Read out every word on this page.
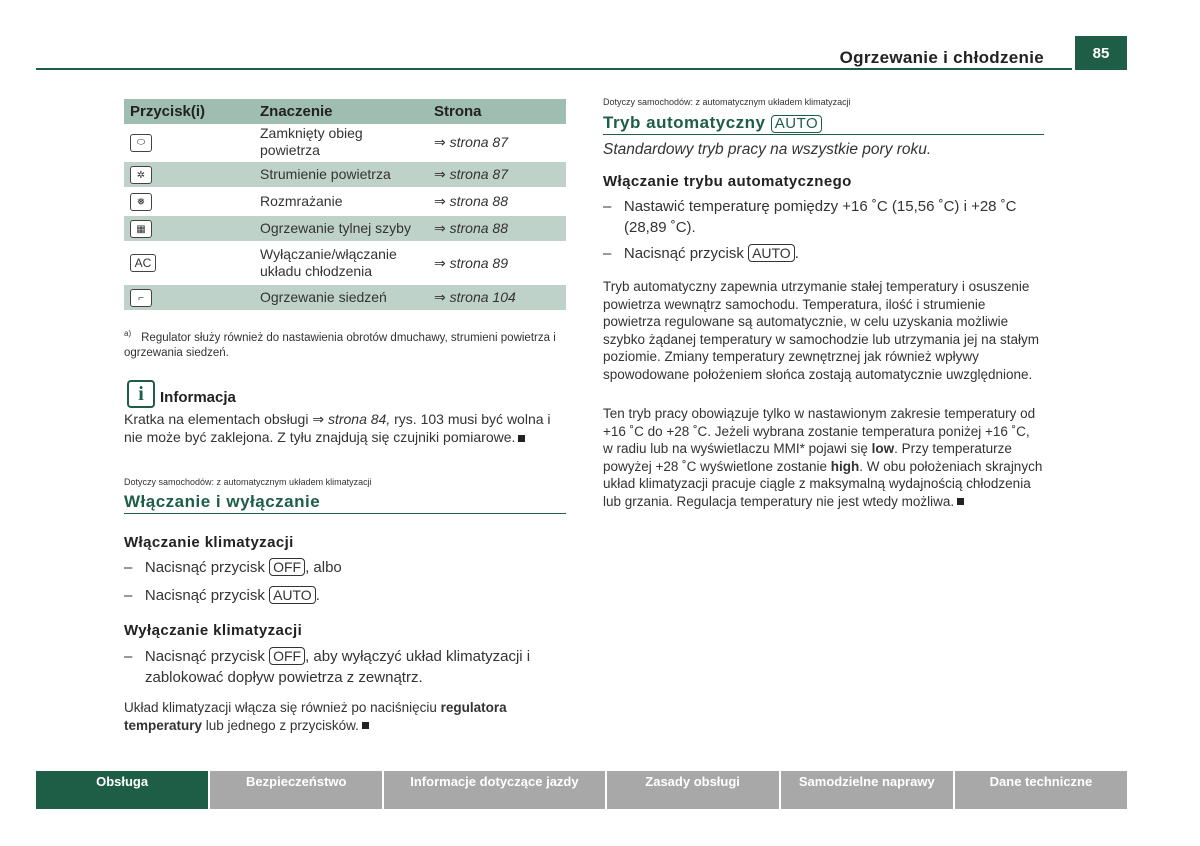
Ogrzewanie i chłodzenie	85
Przycisk(i)	Znaczenie	Strona
⬭	Zamknięty obieg powietrza	⇒ strona 87
✲	Strumienie powietrza	⇒ strona 87
❅	Rozmrażanie	⇒ strona 88
▦	Ogrzewanie tylnej szyby	⇒ strona 88
AC	Wyłączanie/włączanie układu chłodzenia	⇒ strona 89
⌐	Ogrzewanie siedzeń	⇒ strona 104
$^{a)}$ Regulator służy również do nastawienia obrotów dmuchawy, strumieni powietrza i ogrzewania siedzeń.
i	Informacja
Kratka na elementach obsługi ⇒ strona 84, rys. 103 musi być wolna i nie może być zaklejona. Z tyłu znajdują się czujniki pomiarowe.
Dotyczy samochodów: z automatycznym układem klimatyzacji
Włączanie i wyłączanie
Włączanie klimatyzacji
– Nacisnąć przycisk OFF , albo
– Nacisnąć przycisk AUTO .
Wyłączanie klimatyzacji
– Nacisnąć przycisk OFF , aby wyłączyć układ klimatyzacji i zablokować dopływ powietrza z zewnątrz.
Układ klimatyzacji włącza się również po naciśnięciu regulatora temperatury lub jednego z przycisków.
Dotyczy samochodów: z automatycznym układem klimatyzacji
Tryb automatyczny AUTO
Standardowy tryb pracy na wszystkie pory roku.
Włączanie trybu automatycznego
– Nastawić temperaturę pomiędzy +16 ˚C (15,56 ˚C) i +28 ˚C (28,89 ˚C).
– Nacisnąć przycisk AUTO .
Tryb automatyczny zapewnia utrzymanie stałej temperatury i osuszenie powietrza wewnątrz samochodu. Temperatura, ilość i strumienie powietrza regulowane są automatycznie, w celu uzyskania możliwie szybko żądanej temperatury w samochodzie lub utrzymania jej na stałym poziomie. Zmiany temperatury zewnętrznej jak również wpływy spowodowane położeniem słońca zostają automatycznie uwzględnione.
Ten tryb pracy obowiązuje tylko w nastawionym zakresie temperatury od +16 ˚C do +28 ˚C. Jeżeli wybrana zostanie temperatura poniżej +16 ˚C, w radiu lub na wyświetlaczu MMI* pojawi się low. Przy temperaturze powyżej +28 ˚C wyświetlone zostanie high. W obu położeniach skrajnych układ klimatyzacji pracuje ciągle z maksymalną wydajnością chłodzenia lub grzania. Regulacja temperatury nie jest wtedy możliwa.
Obsługa	Bezpieczeństwo	Informacje dotyczące jazdy	Zasady obsługi	Samodzielne naprawy	Dane techniczne
